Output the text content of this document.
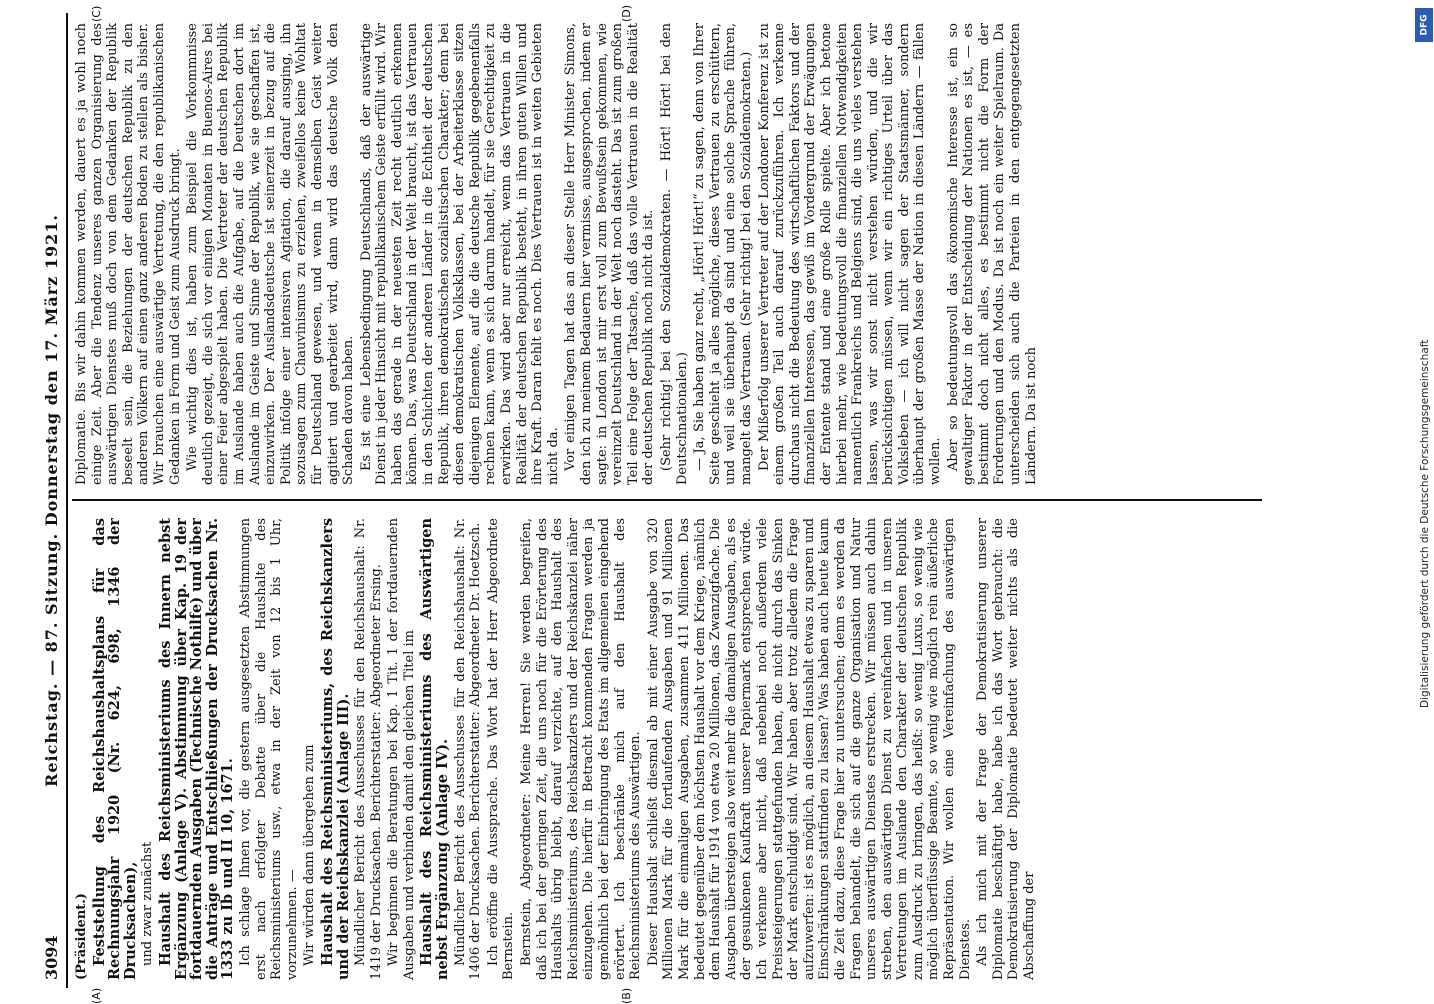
3094
Reichstag. — 87. Sitzung. Donnerstag den 17. März 1921.
(A)	(B)
(C)	(D)

(Präsident.) Feststellung des Reichshaushaltsplans für das Rechnungsjahr 1920 (Nr. 624, 698, 1346 der Drucksachen), und zwar zunächst Haushalt des Reichsministeriums des Innern nebst Ergänzung (Anlage V). Abstimmung über Kap. 19 der fortdauernden Ausgaben (Technische Nothilfe) und über die Anträge und Entschließungen der Drucksachen Nr. 1333 zu Ib und II 10, 1671. Ich schlage Ihnen vor, die gestern ausgesetzten Abstimmungen erst nach erfolgter Debatte über die Haushalte des Reichsministeriums usw., etwa in der Zeit von 12 bis 1 Uhr, vorzunehmen. — Wir würden dann übergehen zum Haushalt des Reichsministeriums, des Reichskanzlers und der Reichskanzlei (Anlage III). Mündlicher Bericht des Ausschusses für den Reichshaushalt: Nr. 1419 der Drucksachen. Berichterstatter: Abgeordneter Ersing. Wir beginnen die Beratungen bei Kap. 1 Tit. 1 der fortdauernden Ausgaben und verbinden damit den gleichen Titel im Haushalt des Reichsministeriums des Auswärtigen nebst Ergänzung (Anlage IV). Mündlicher Bericht des Ausschusses für den Reichshaushalt: Nr. 1406 der Drucksachen. Berichterstatter: Abgeordneter Dr. Hoetzsch. Ich eröffne die Aussprache. Das Wort hat der Herr Abgeordnete Bernstein. Bernstein, Abgeordneter: Meine Herren! Sie werden begreifen, daß ich bei der geringen Zeit, die uns noch für die Erörterung des Haushalts übrig bleibt, darauf verzichte, auf den Haushalt des Reichsministeriums, des Reichskanzlers und der Reichskanzlei näher einzugehen. Die hierfür in Betracht kommenden Fragen werden ja gemöhnlich bei der Einbringung des Etats im allgemeinen eingehend erörtert. Ich beschränke mich auf den Haushalt des Reichsministeriums des Auswärtigen. Dieser Haushalt schließt diesmal ab mit einer Ausgabe von 320 Millionen Mark für die fortlaufenden Ausgaben und 91 Millionen Mark für die einmaligen Ausgaben, zusammen 411 Millionen. Das bedeutet gegenüber dem höchsten Haushalt vor dem Kriege, nämlich dem Haushalt für 1914 von etwa 20 Millionen, das Zwanzigfache. Die Ausgaben übersteigen also weit mehr die damaligen Ausgaben, als es der gesunkenen Kaufkraft unserer Papiermark entsprechen würde. Ich verkenne aber nicht, daß nebenbei noch außerdem viele Preissteigerungen stattgefunden haben, die nicht durch das Sinken der Mark entschuldigt sind. Wir haben aber trotz alledem die Frage aufzuwerfen: ist es möglich, an diesem Haushalt etwas zu sparen und Einschränkungen stattfinden zu lassen? Was haben auch heute kaum die Zeit dazu, diese Frage hier zu untersuchen; denn es werden da Fragen behandelt, die sich auf die ganze Organisation und Natur unseres auswärtigen Dienstes erstrecken. Wir müssen auch dahin streben, den auswärtigen Dienst zu vereinfachen und in unseren Vertretungen im Auslande den Charakter der deutschen Republik zum Ausdruck zu bringen, das heißt: so wenig Luxus, so wenig wie möglich überflüssige Beamte, so wenig wie möglich rein äußerliche Repräsentation. Wir wollen eine Vereinfachung des auswärtigen Dienstes. Als ich mich mit der Frage der Demokratisierung unserer Diplomatie beschäftigt habe, habe ich das Wort gebraucht: die Demokratisierung der Diplomatie bedeutet weiter nichts als die Abschaffung der

Diplomatie. Bis wir dahin kommen werden, dauert es ja wohl noch einige Zeit. Aber die Tendenz unseres ganzen Organisierung des auswärtigen Dienstes muß doch von dem Gedanken der Republik beseelt sein, die Beziehungen der deutschen Republik zu den anderen Völkern auf einen ganz anderen Boden zu stellen als bisher. Wir brauchen eine auswärtige Vertretung, die den republikanischen Gedanken in Form und Geist zum Ausdruck bringt. Wie wichtig dies ist, haben zum Beispiel die Vorkommnisse deutlich gezeigt, die sich vor einigen Monaten in Buenos-Aires bei einer Feier abgespielt haben. Die Vertreter der deutschen Republik im Auslande haben auch die Aufgabe, auf die Deutschen dort im Auslande im Geiste und Sinne der Republik, wie sie geschaffen ist, einzuwirken. Der Auslandsdeutsche ist seinerzeit in bezug auf die Politik infolge einer intensiven Agitation, die darauf ausging, ihn sozusagen zum Chauvinismus zu erziehen, zweifellos keine Wohltat für Deutschland gewesen, und wenn in demselben Geist weiter agitiert und gearbeitet wird, dann wird das deutsche Volk den Schaden davon haben. Es ist eine Lebensbedingung Deutschlands, daß der auswärtige Dienst in jeder Hinsicht mit republikanischem Geiste erfüllt wird. Wir haben das gerade in der neuesten Zeit recht deutlich erkennen können. Das, was Deutschland in der Welt braucht, ist das Vertrauen in den Schichten der anderen Länder in die Echtheit der deutschen Republik, ihren demokratischen sozialistischen Charakter; denn bei diesen demokratischen Volksklassen, bei der Arbeiterklasse sitzen diejenigen Elemente, auf die die deutsche Republik gegebenenfalls rechnen kann, wenn es sich darum handelt, für sie Gerechtigkeit zu erwirken. Das wird aber nur erreicht, wenn das Vertrauen in die Realität der deutschen Republik besteht, in ihren guten Willen und ihre Kraft. Daran fehlt es noch. Dies Vertrauen ist in weiten Gebieten nicht da. Vor einigen Tagen hat das an dieser Stelle Herr Minister Simons, den ich zu meinem Bedauern hier vermisse, ausgesprochen, indem er sagte: in London ist mir erst voll zum Bewußtsein gekommen, wie vereinzelt Deutschland in der Welt noch dasteht. Das ist zum großen Teil eine Folge der Tatsache, daß das volle Vertrauen in die Realität der deutschen Republik noch nicht da ist. (Sehr richtig! bei den Sozialdemokraten. — Hört! Hört! bei den Deutschnationalen.) — Ja, Sie haben ganz recht, „Hört! Hört!“ zu sagen, denn von Ihrer Seite geschieht ja alles mögliche, dieses Vertrauen zu erschüttern, und weil sie überhaupt da sind und eine solche Sprache führen, mangelt das Vertrauen. (Sehr richtig! bei den Sozialdemokraten.) Der Mißerfolg unserer Vertreter auf der Londoner Konferenz ist zu einem großen Teil auch darauf zurückzuführen. Ich verkenne durchaus nicht die Bedeutung des wirtschaftlichen Faktors und der finanziellen Interessen, das gewiß im Vordergrund der Erwägungen der Entente stand und eine große Rolle spielte. Aber ich betone hierbei mehr, wie bedeutungsvoll die finanziellen Notwendigkeiten namentlich Frankreichs und Belgiens sind, die uns vieles verstehen lassen, was wir sonst nicht verstehen würden, und die wir berücksichtigen müssen, wenn wir ein richtiges Urteil über das Volksleben — ich will nicht sagen der Staatsmänner, sondern überhaupt der großen Masse der Nation in diesen Ländern — fällen wollen. Aber so bedeutungsvoll das ökonomische Interesse ist, ein so gewaltiger Faktor in der Entscheidung der Nationen es ist, — es bestimmt doch nicht alles, es bestimmt nicht die Form der Forderungen und den Modus. Da ist noch ein weiter Spielraum. Da unterscheiden sich auch die Parteien in den entgegengesetzten Ländern. Da ist noch

DFG
Digitalisierung gefördert durch die Deutsche Forschungsgemeinschaft
